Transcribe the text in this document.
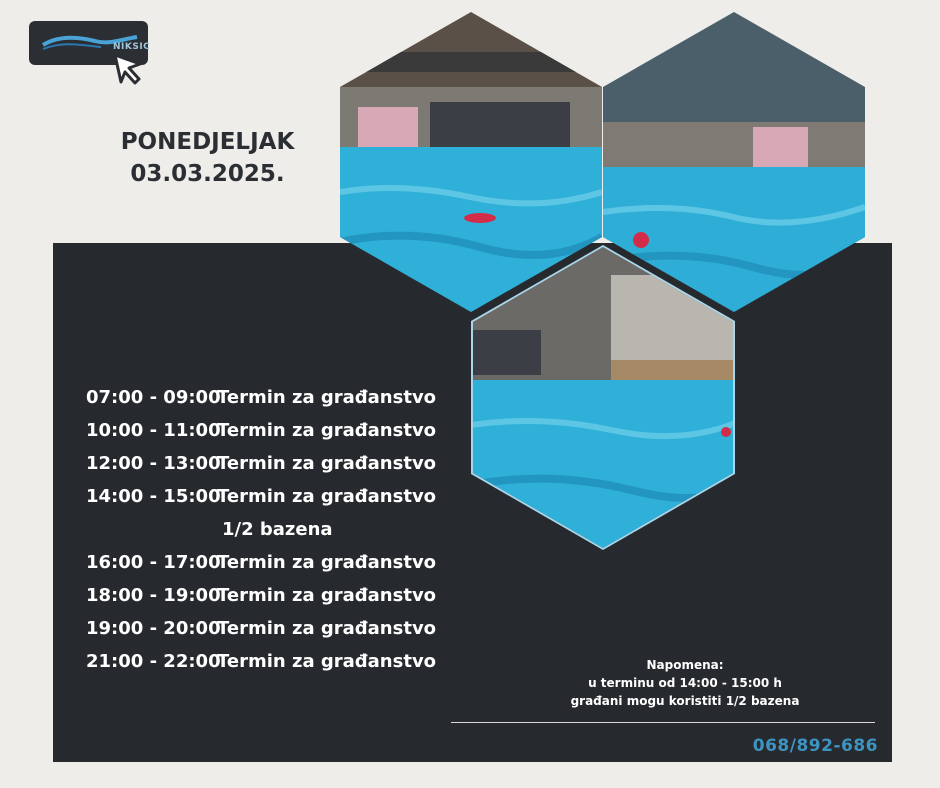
NIKSIC
PONEDJELJAK
03.03.2025.
07:00 - 09:00Termin za građanstvo
10:00 - 11:00Termin za građanstvo
12:00 - 13:00Termin za građanstvo
14:00 - 15:00Termin za građanstvo
1/2 bazena
16:00 - 17:00Termin za građanstvo
18:00 - 19:00Termin za građanstvo
19:00 - 20:00Termin za građanstvo
21:00 - 22:00Termin za građanstvo	Napomena:
u terminu od 14:00 - 15:00 h
građani mogu koristiti 1/2 bazena
068/892-686
